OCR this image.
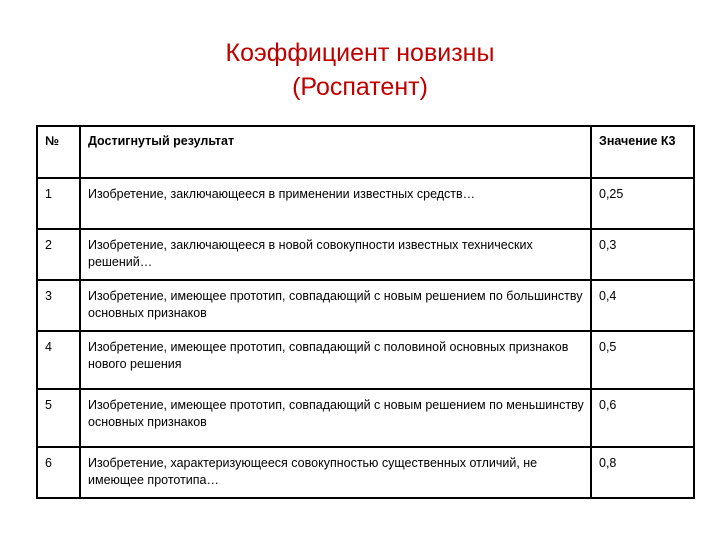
Коэффициент новизны
(Роспатент)
№	Достигнутый результат	Значение К3
1	Изобретение, заключающееся в применении известных средств…	0,25
2	Изобретение, заключающееся в новой совокупности известных технических решений…	0,3
3	Изобретение, имеющее прототип, совпадающий с новым решением по большинству основных признаков	0,4
4	Изобретение, имеющее прототип, совпадающий с половиной основных признаков нового решения	0,5
5	Изобретение, имеющее прототип, совпадающий с новым решением по меньшинству основных признаков	0,6
6	Изобретение, характеризующееся совокупностью существенных отличий, не имеющее прототипа…	0,8
